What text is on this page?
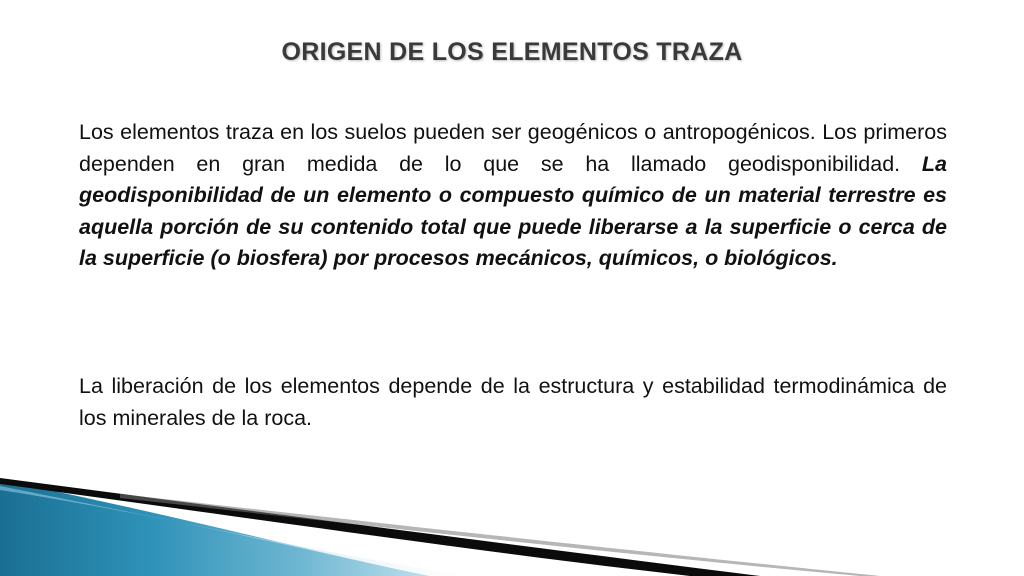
ORIGEN DE LOS ELEMENTOS TRAZA

Los elementos traza en los suelos pueden ser geogénicos o antropogénicos. Los primeros dependen en gran medida de lo que se ha llamado geodisponibilidad. La geodisponibilidad de un elemento o compuesto químico de un material terrestre es aquella porción de su contenido total que puede liberarse a la superficie o cerca de la superficie (o biosfera) por procesos mecánicos, químicos, o biológicos.

La liberación de los elementos depende de la estructura y estabilidad termodinámica de los minerales de la roca.
